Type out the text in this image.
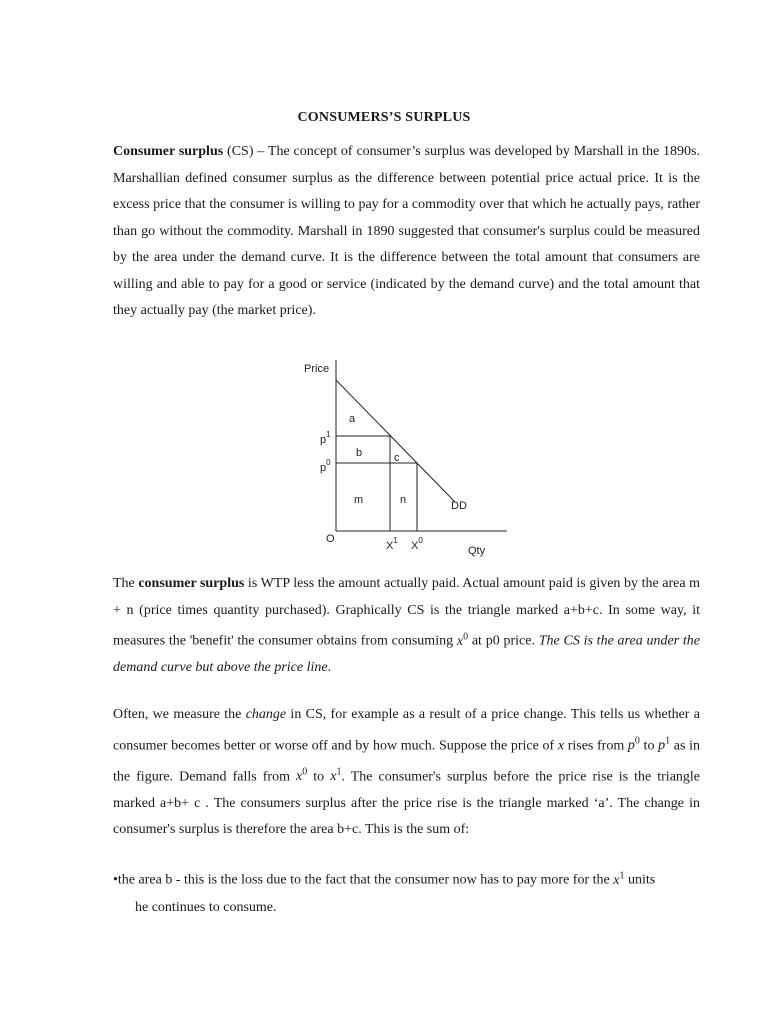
CONSUMERS’S SURPLUS
Consumer surplus (CS) – The concept of consumer’s surplus was developed by Marshall in the 1890s. Marshallian defined consumer surplus as the difference between potential price actual price. It is the excess price that the consumer is willing to pay for a commodity over that which he actually pays, rather than go without the commodity. Marshall in 1890 suggested that consumer's surplus could be measured by the area under the demand curve. It is the difference between the total amount that consumers are willing and able to pay for a good or service (indicated by the demand curve) and the total amount that they actually pay (the market price).
Price
Qty
O
$p^1$
$p^0$
$X^1$ $X^0$
a
b	c
m	n	DD
The consumer surplus is WTP less the amount actually paid. Actual amount paid is given by the area m + n (price times quantity purchased). Graphically CS is the triangle marked a+b+c. In some way, it measures the 'benefit' the consumer obtains from consuming $x^0$ at p0 price. The CS is the area under the demand curve but above the price line.
Often, we measure the change in CS, for example as a result of a price change. This tells us whether a consumer becomes better or worse off and by how much. Suppose the price of x rises from $p^0$ to $p^1$ as in the figure. Demand falls from $x^0$ to $x^1$. The consumer's surplus before the price rise is the triangle marked a+b+ c . The consumers surplus after the price rise is the triangle marked ‘a’. The change in consumer's surplus is therefore the area b+c. This is the sum of:
•the area b - this is the loss due to the fact that the consumer now has to pay more for the $x^1$ units
he continues to consume.
